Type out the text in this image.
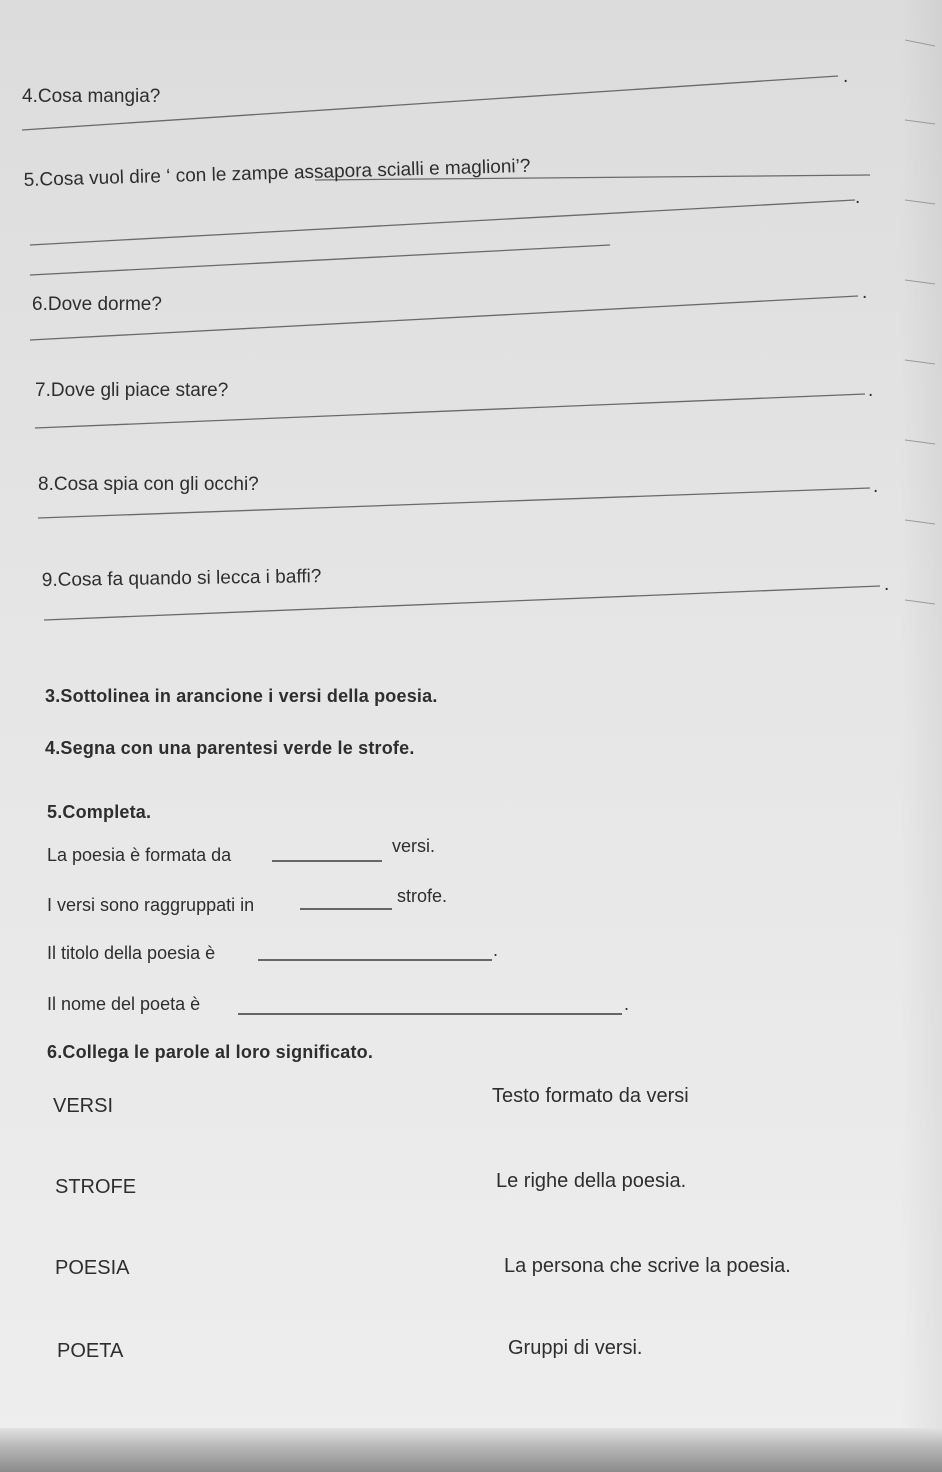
4.Cosa mangia?
.
5.Cosa vuol dire ‘ con le zampe assapora scialli e maglioni’?
.
6.Dove dorme?
.
7.Dove gli piace stare?	.
8.Cosa spia con gli occhi?	.
9.Cosa fa quando si lecca i baffi?	.
3.Sottolinea in arancione i versi della poesia.
4.Segna con una parentesi verde le strofe.
5.Completa.
La poesia è formata da	versi.
I versi sono raggruppati in	strofe.
Il titolo della poesia è	.
Il nome del poeta è	.
6.Collega le parole al loro significato.
VERSI	Testo formato da versi
STROFE	Le righe della poesia.
POESIA	La persona che scrive la poesia.
POETA	Gruppi di versi.
